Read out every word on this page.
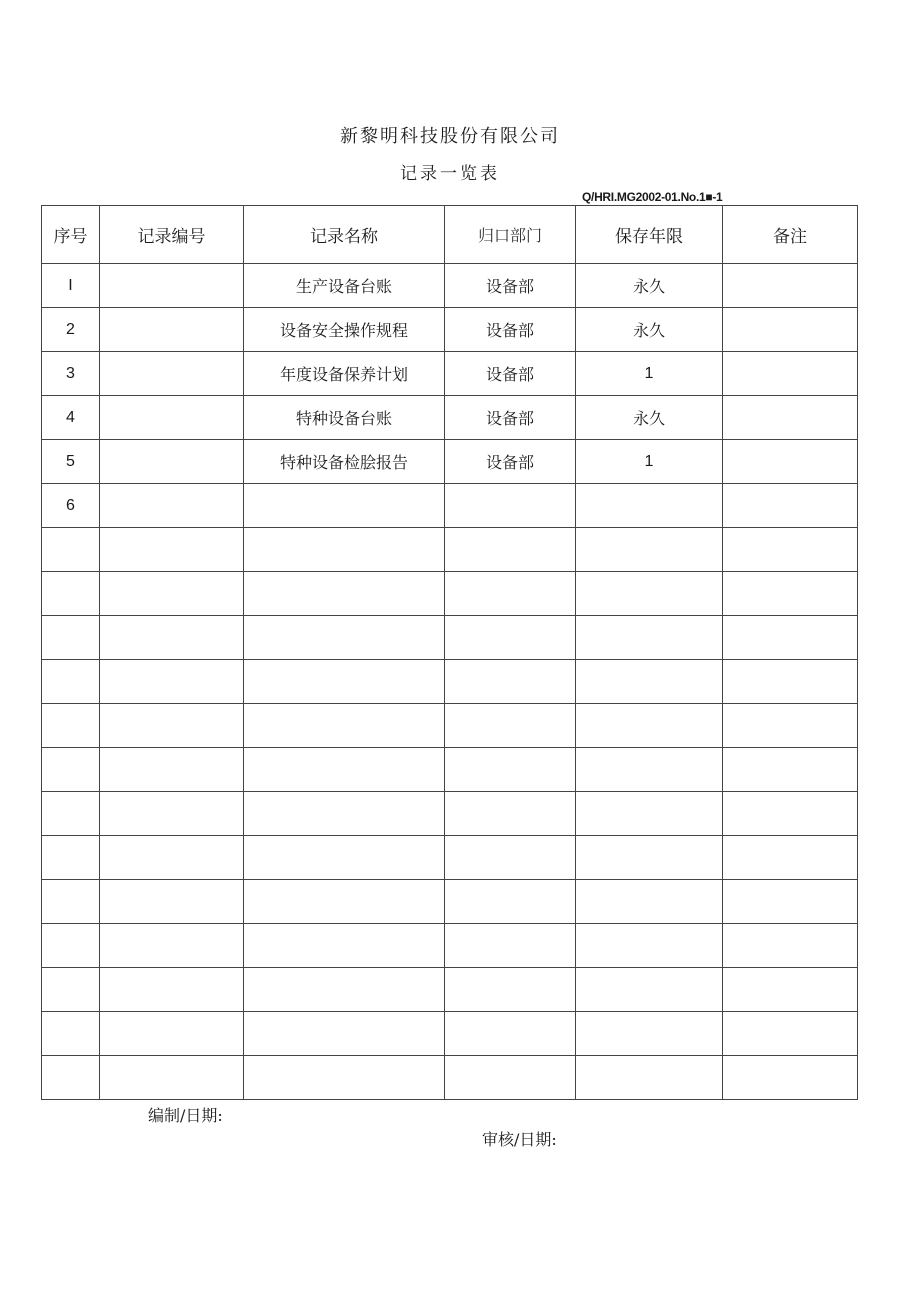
新黎明科技股份有限公司
记录一览表
Q/HRI.MG2002-01.No.1■-1
序号	记录编号	记录名称	归口部门	保存年限	备注
I		生产设备台账	设备部	永久	
2		设备安全操作规程	设备部	永久	
3		年度设备保养计划	设备部	1	
4		特种设备台账	设备部	永久	
5		特种设备检脍报告	设备部	1	
6					

编制/日期:
审核/日期:
